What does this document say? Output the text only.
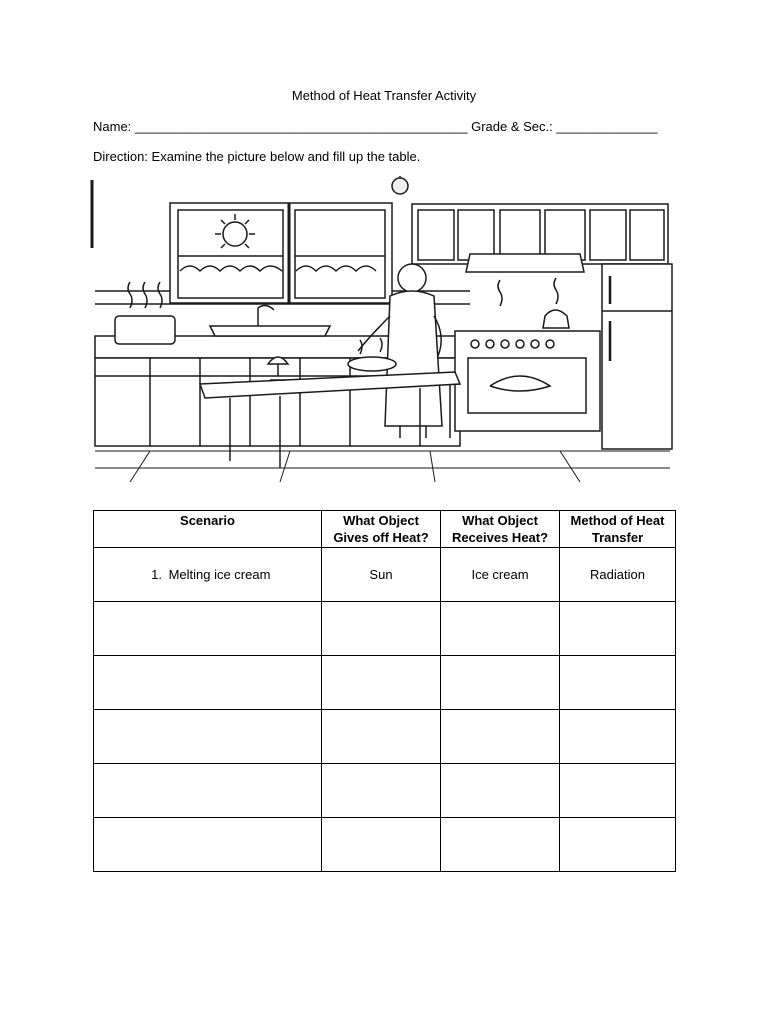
Method of Heat Transfer Activity
Name: ______________________________________________ Grade & Sec.: ______________
Direction: Examine the picture below and fill up the table.
Scenario	What Object Gives off Heat?	What Object Receives Heat?	Method of Heat Transfer
1. Melting ice cream	Sun	Ice cream	Radiation
